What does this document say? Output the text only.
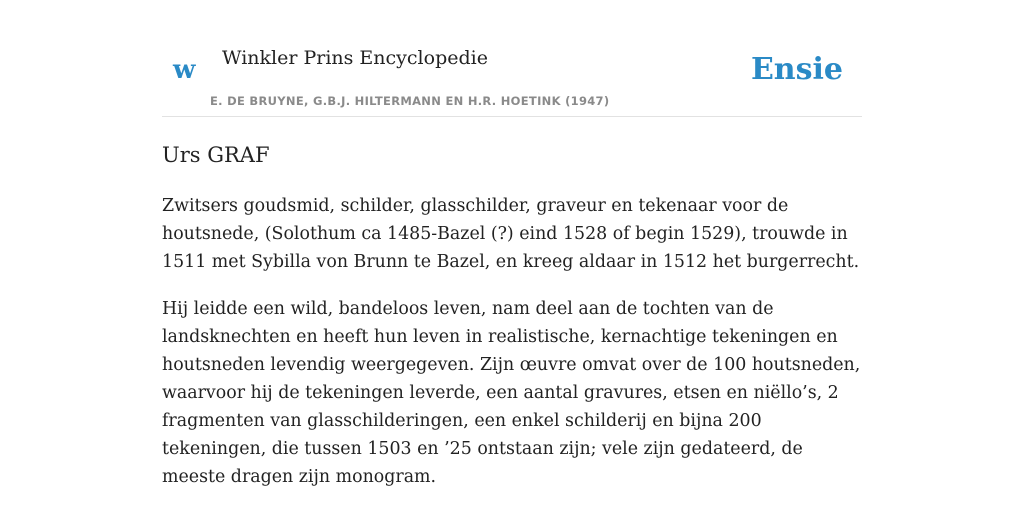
w Winkler Prins Encyclopedie
E. DE BRUYNE, G.B.J. HILTERMANN EN H.R. HOETINK (1947)
Ensie
Urs GRAF

Zwitsers goudsmid, schilder, glasschilder, graveur en tekenaar voor de houtsnede, (Solothum ca 1485-Bazel (?) eind 1528 of begin 1529), trouwde in 1511 met Sybilla von Brunn te Bazel, en kreeg aldaar in 1512 het burgerrecht.

Hij leidde een wild, bandeloos leven, nam deel aan de tochten van de landsknechten en heeft hun leven in realistische, kernachtige tekeningen en houtsneden levendig weergegeven. Zijn œuvre omvat over de 100 houtsneden, waarvoor hij de tekeningen leverde, een aantal gravures, etsen en niëllo’s, 2 fragmenten van glasschilderingen, een enkel schilderij en bijna 200 tekeningen, die tussen 1503 en ’25 ontstaan zijn; vele zijn gedateerd, de meeste dragen zijn monogram.
